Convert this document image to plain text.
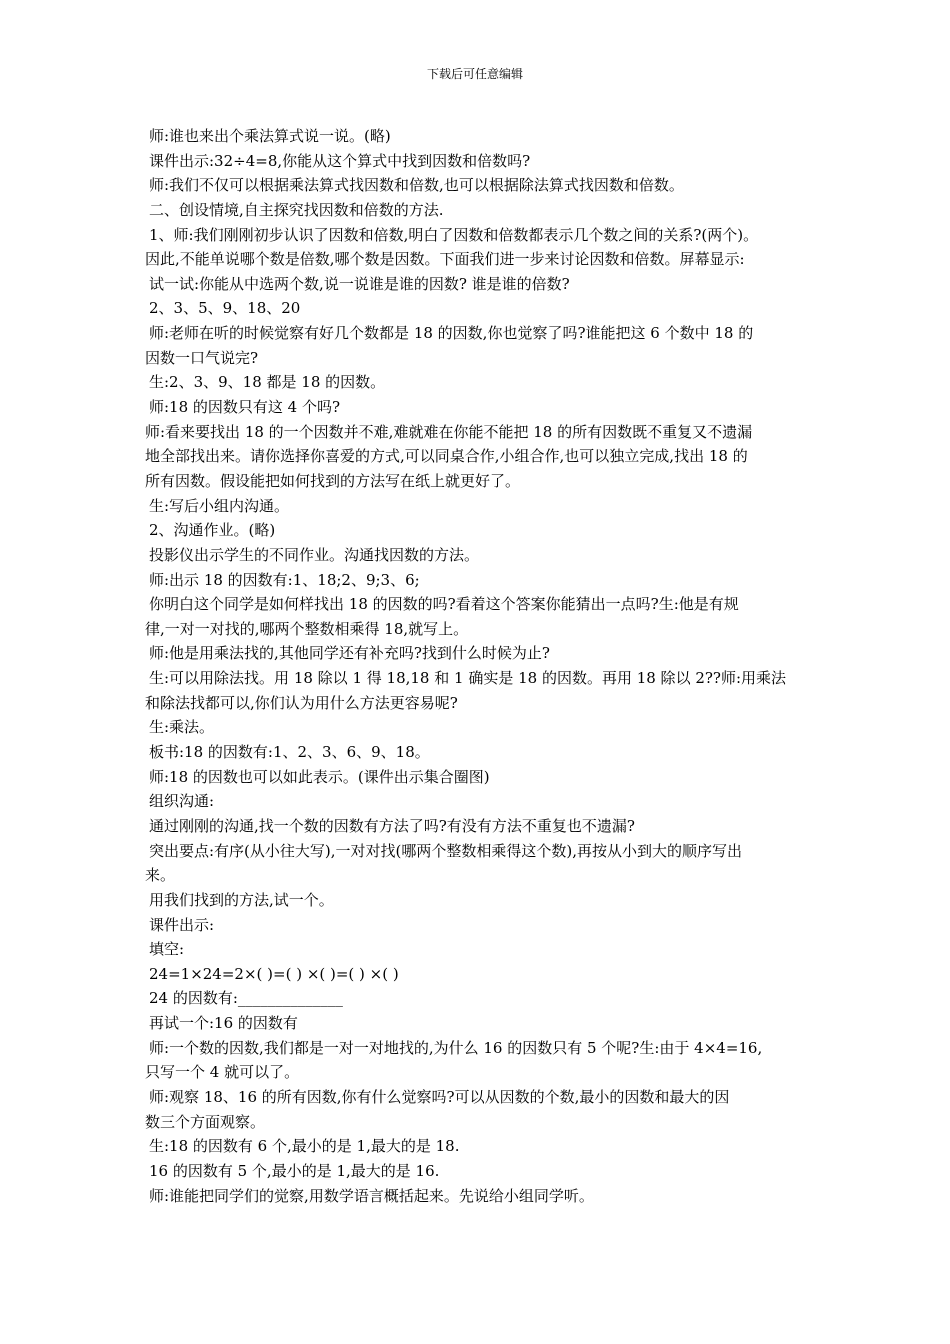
下载后可任意编辑
师:谁也来出个乘法算式说一说。(略)
课件出示:32÷4=8,你能从这个算式中找到因数和倍数吗?
师:我们不仅可以根据乘法算式找因数和倍数,也可以根据除法算式找因数和倍数。
二、创设情境,自主探究找因数和倍数的方法.
1、师:我们刚刚初步认识了因数和倍数,明白了因数和倍数都表示几个数之间的关系?(两个)。
因此,不能单说哪个数是倍数,哪个数是因数。下面我们进一步来讨论因数和倍数。屏幕显示:
试一试:你能从中选两个数,说一说谁是谁的因数? 谁是谁的倍数?
2、3、5、9、18、20
师:老师在听的时候觉察有好几个数都是 18 的因数,你也觉察了吗?谁能把这 6 个数中 18 的
因数一口气说完?
生:2、3、9、18 都是 18 的因数。
师:18 的因数只有这 4 个吗?
师:看来要找出 18 的一个因数并不难,难就难在你能不能把 18 的所有因数既不重复又不遗漏
地全部找出来。请你选择你喜爱的方式,可以同桌合作,小组合作,也可以独立完成,找出 18 的
所有因数。假设能把如何找到的方法写在纸上就更好了。
生:写后小组内沟通。
2、沟通作业。(略)
投影仪出示学生的不同作业。沟通找因数的方法。
师:出示 18 的因数有:1、18;2、9;3、6;
你明白这个同学是如何样找出 18 的因数的吗?看着这个答案你能猜出一点吗?生:他是有规
律,一对一对找的,哪两个整数相乘得 18,就写上。
师:他是用乘法找的,其他同学还有补充吗?找到什么时候为止?
生:可以用除法找。用 18 除以 1 得 18,18 和 1 确实是 18 的因数。再用 18 除以 2??师:用乘法
和除法找都可以,你们认为用什么方法更容易呢?
生:乘法。
板书:18 的因数有:1、2、3、6、9、18。
师:18 的因数也可以如此表示。(课件出示集合圈图)
组织沟通:
通过刚刚的沟通,找一个数的因数有方法了吗?有没有方法不重复也不遗漏?
突出要点:有序(从小往大写),一对对找(哪两个整数相乘得这个数),再按从小到大的顺序写出
来。
用我们找到的方法,试一个。
课件出示:
填空:
24=1×24=2×( )=( ) ×( )=( ) ×( )
24 的因数有:______________
再试一个:16 的因数有
师:一个数的因数,我们都是一对一对地找的,为什么 16 的因数只有 5 个呢?生:由于 4×4=16,
只写一个 4 就可以了。
师:观察 18、16 的所有因数,你有什么觉察吗?可以从因数的个数,最小的因数和最大的因
数三个方面观察。
生:18 的因数有 6 个,最小的是 1,最大的是 18.
16 的因数有 5 个,最小的是 1,最大的是 16.
师:谁能把同学们的觉察,用数学语言概括起来。先说给小组同学听。
